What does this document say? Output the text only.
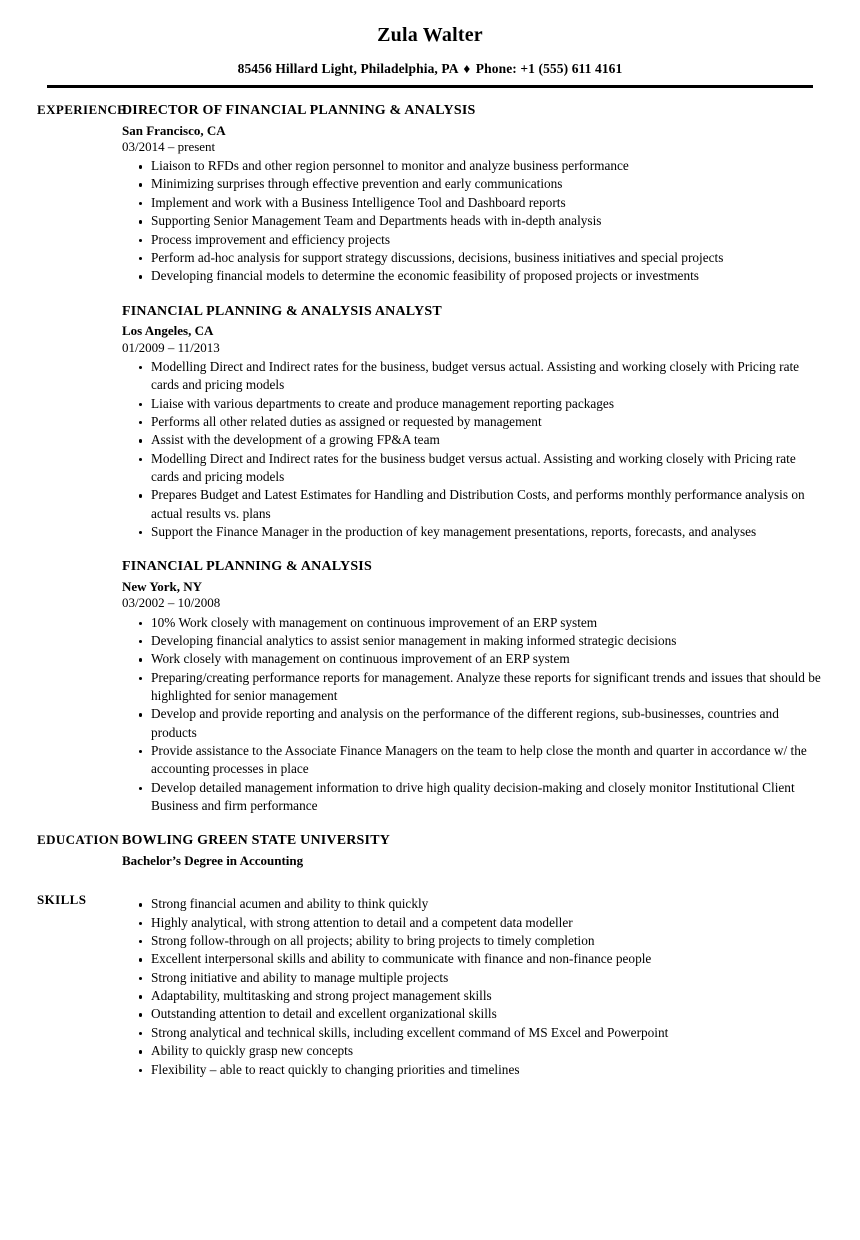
Zula Walter

85456 Hillard Light, Philadelphia, PA ♦ Phone: +1 (555) 611 4161

EXPERIENCE

DIRECTOR OF FINANCIAL PLANNING & ANALYSIS

San Francisco, CA

03/2014 – present

Liaison to RFDs and other region personnel to monitor and analyze business performance
Minimizing surprises through effective prevention and early communications
Implement and work with a Business Intelligence Tool and Dashboard reports
Supporting Senior Management Team and Departments heads with in-depth analysis
Process improvement and efficiency projects
Perform ad-hoc analysis for support strategy discussions, decisions, business initiatives and special projects
Developing financial models to determine the economic feasibility of proposed projects or investments

FINANCIAL PLANNING & ANALYSIS ANALYST

Los Angeles, CA

01/2009 – 11/2013

Modelling Direct and Indirect rates for the business, budget versus actual. Assisting and working closely with Pricing rate cards and pricing models
Liaise with various departments to create and produce management reporting packages
Performs all other related duties as assigned or requested by management
Assist with the development of a growing FP&A team
Modelling Direct and Indirect rates for the business budget versus actual. Assisting and working closely with Pricing rate cards and pricing models
Prepares Budget and Latest Estimates for Handling and Distribution Costs, and performs monthly performance analysis on actual results vs. plans
Support the Finance Manager in the production of key management presentations, reports, forecasts, and analyses

FINANCIAL PLANNING & ANALYSIS

New York, NY

03/2002 – 10/2008

10% Work closely with management on continuous improvement of an ERP system
Developing financial analytics to assist senior management in making informed strategic decisions
Work closely with management on continuous improvement of an ERP system
Preparing/creating performance reports for management. Analyze these reports for significant trends and issues that should be highlighted for senior management
Develop and provide reporting and analysis on the performance of the different regions, sub-businesses, countries and products
Provide assistance to the Associate Finance Managers on the team to help close the month and quarter in accordance w/ the accounting processes in place
Develop detailed management information to drive high quality decision-making and closely monitor Institutional Client Business and firm performance
EDUCATION BOWLING GREEN STATE UNIVERSITY

Bachelor’s Degree in Accounting

SKILLS	Strong financial acumen and ability to think quickly
Highly analytical, with strong attention to detail and a competent data modeller
Strong follow-through on all projects; ability to bring projects to timely completion
Excellent interpersonal skills and ability to communicate with finance and non-finance people
Strong initiative and ability to manage multiple projects
Adaptability, multitasking and strong project management skills
Outstanding attention to detail and excellent organizational skills
Strong analytical and technical skills, including excellent command of MS Excel and Powerpoint
Ability to quickly grasp new concepts
Flexibility – able to react quickly to changing priorities and timelines
